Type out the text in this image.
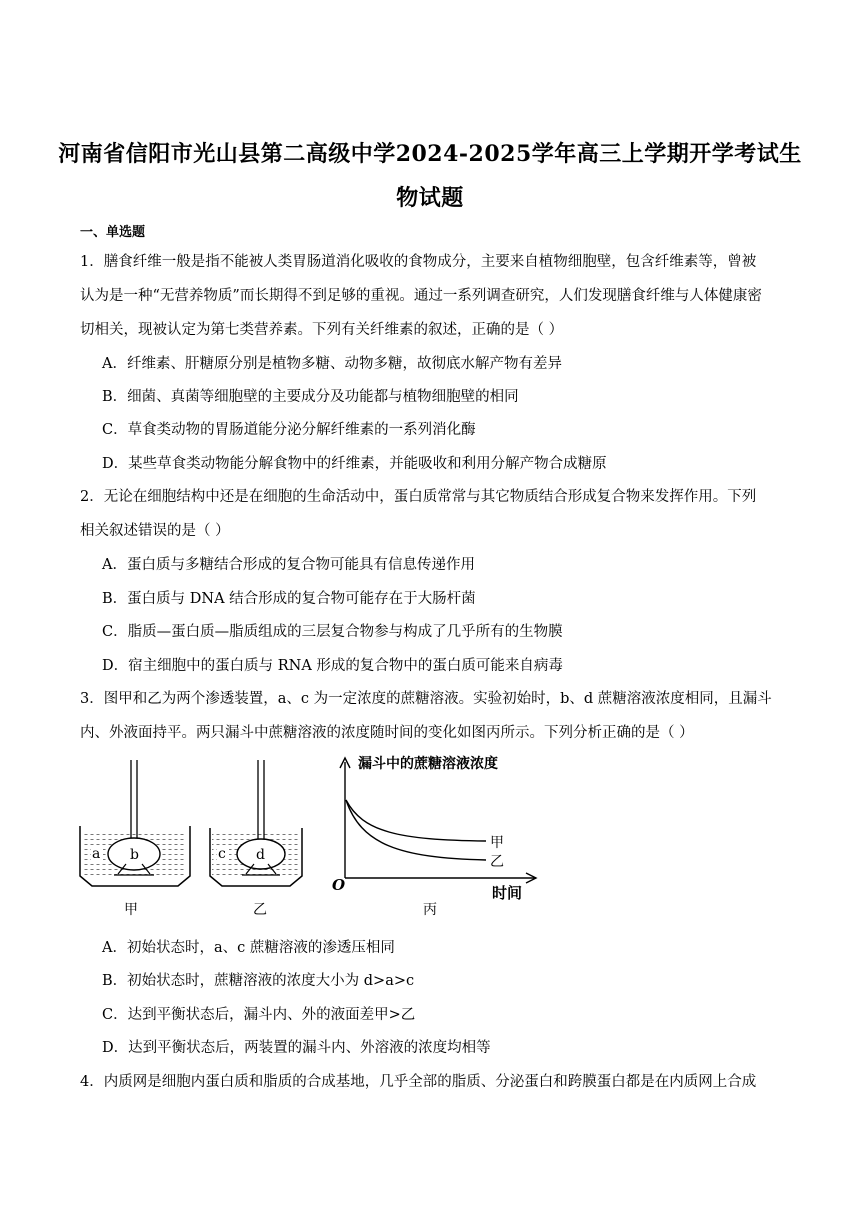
河南省信阳市光山县第二高级中学2024-2025学年高三上学期开学考试生
物试题
一、单选题
1．膳食纤维一般是指不能被人类胃肠道消化吸收的食物成分，主要来自植物细胞壁，包含纤维素等，曾被
认为是一种“无营养物质”而长期得不到足够的重视。通过一系列调查研究，人们发现膳食纤维与人体健康密
切相关，现被认定为第七类营养素。下列有关纤维素的叙述，正确的是（ ）
A．纤维素、肝糖原分别是植物多糖、动物多糖，故彻底水解产物有差异
B．细菌、真菌等细胞壁的主要成分及功能都与植物细胞壁的相同
C．草食类动物的胃肠道能分泌分解纤维素的一系列消化酶
D．某些草食类动物能分解食物中的纤维素，并能吸收和利用分解产物合成糖原
2．无论在细胞结构中还是在细胞的生命活动中，蛋白质常常与其它物质结合形成复合物来发挥作用。下列
相关叙述错误的是（ ）
A．蛋白质与多糖结合形成的复合物可能具有信息传递作用
B．蛋白质与 DNA 结合形成的复合物可能存在于大肠杆菌
C．脂质—蛋白质—脂质组成的三层复合物参与构成了几乎所有的生物膜
D．宿主细胞中的蛋白质与 RNA 形成的复合物中的蛋白质可能来自病毒
3．图甲和乙为两个渗透装置，a、c 为一定浓度的蔗糖溶液。实验初始时，b、d 蔗糖溶液浓度相同，且漏斗
内、外液面持平。两只漏斗中蔗糖溶液的浓度随时间的变化如图丙所示。下列分析正确的是（ ）
a b
甲
c d
乙
漏斗中的蔗糖溶液浓度
甲
乙
O	时间
丙
A．初始状态时，a、c 蔗糖溶液的渗透压相同
B．初始状态时，蔗糖溶液的浓度大小为 d>a>c
C．达到平衡状态后，漏斗内、外的液面差甲>乙
D．达到平衡状态后，两装置的漏斗内、外溶液的浓度均相等
4．内质网是细胞内蛋白质和脂质的合成基地，几乎全部的脂质、分泌蛋白和跨膜蛋白都是在内质网上合成
